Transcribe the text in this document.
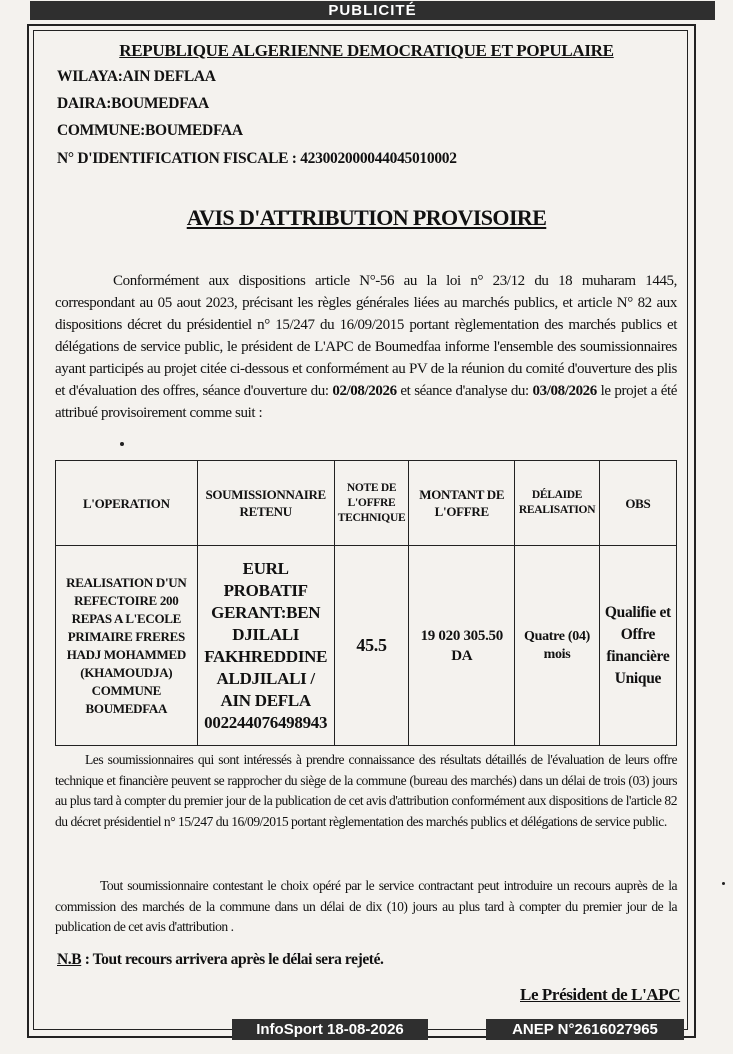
PUBLICITÉ
REPUBLIQUE ALGERIENNE DEMOCRATIQUE ET POPULAIRE
WILAYA:AIN DEFLAA
DAIRA:BOUMEDFAA
COMMUNE:BOUMEDFAA
N° D'IDENTIFICATION FISCALE : 423002000044045010002
AVIS D'ATTRIBUTION PROVISOIRE
Conformément aux dispositions article N°-56 au la loi n° 23/12 du 18 muharam 1445, correspondant au 05 aout 2023, précisant les règles générales liées au marchés publics, et article N° 82 aux dispositions décret du présidentiel n° 15/247 du 16/09/2015 portant règlementation des marchés publics et délégations de service public, le président de L'APC de Boumedfaa informe l'ensemble des soumissionnaires ayant participés au projet citée ci-dessous et conformément au PV de la réunion du comité d'ouverture des plis et d'évaluation des offres, séance d'ouverture du: 02/08/2026 et séance d'analyse du: 03/08/2026 le projet a été attribué provisoirement comme suit :
L'OPERATION	SOUMISSIONNAIRE RETENU	NOTE DE L'OFFRE TECHNIQUE	MONTANT DE L'OFFRE	DÉLAIDE REALISATION	OBS
REALISATION D'UN REFECTOIRE 200 REPAS A L'ECOLE PRIMAIRE FRERES HADJ MOHAMMED (KHAMOUDJA) COMMUNE BOUMEDFAA	EURL PROBATIF GERANT:BEN DJILALI FAKHREDDINE ALDJILALI / AIN DEFLA 002244076498943	45.5	19 020 305.50 DA	Quatre (04) mois	Qualifie et Offre financière Unique
Les soumissionnaires qui sont intéressés à prendre connaissance des résultats détaillés de l'évaluation de leurs offre technique et financière peuvent se rapprocher du siège de la commune (bureau des marchés) dans un délai de trois (03) jours au plus tard à compter du premier jour de la publication de cet avis d'attribution conformément aux dispositions de l'article 82 du décret présidentiel n° 15/247 du 16/09/2015 portant règlementation des marchés publics et délégations de service public.
Tout soumissionnaire contestant le choix opéré par le service contractant peut introduire un recours auprès de la commission des marchés de la commune dans un délai de dix (10) jours au plus tard à compter du premier jour de la publication de cet avis d'attribution .
N.B : Tout recours arrivera après le délai sera rejeté.
Le Président de L'APC
InfoSport 18-08-2026	ANEP N°2616027965
